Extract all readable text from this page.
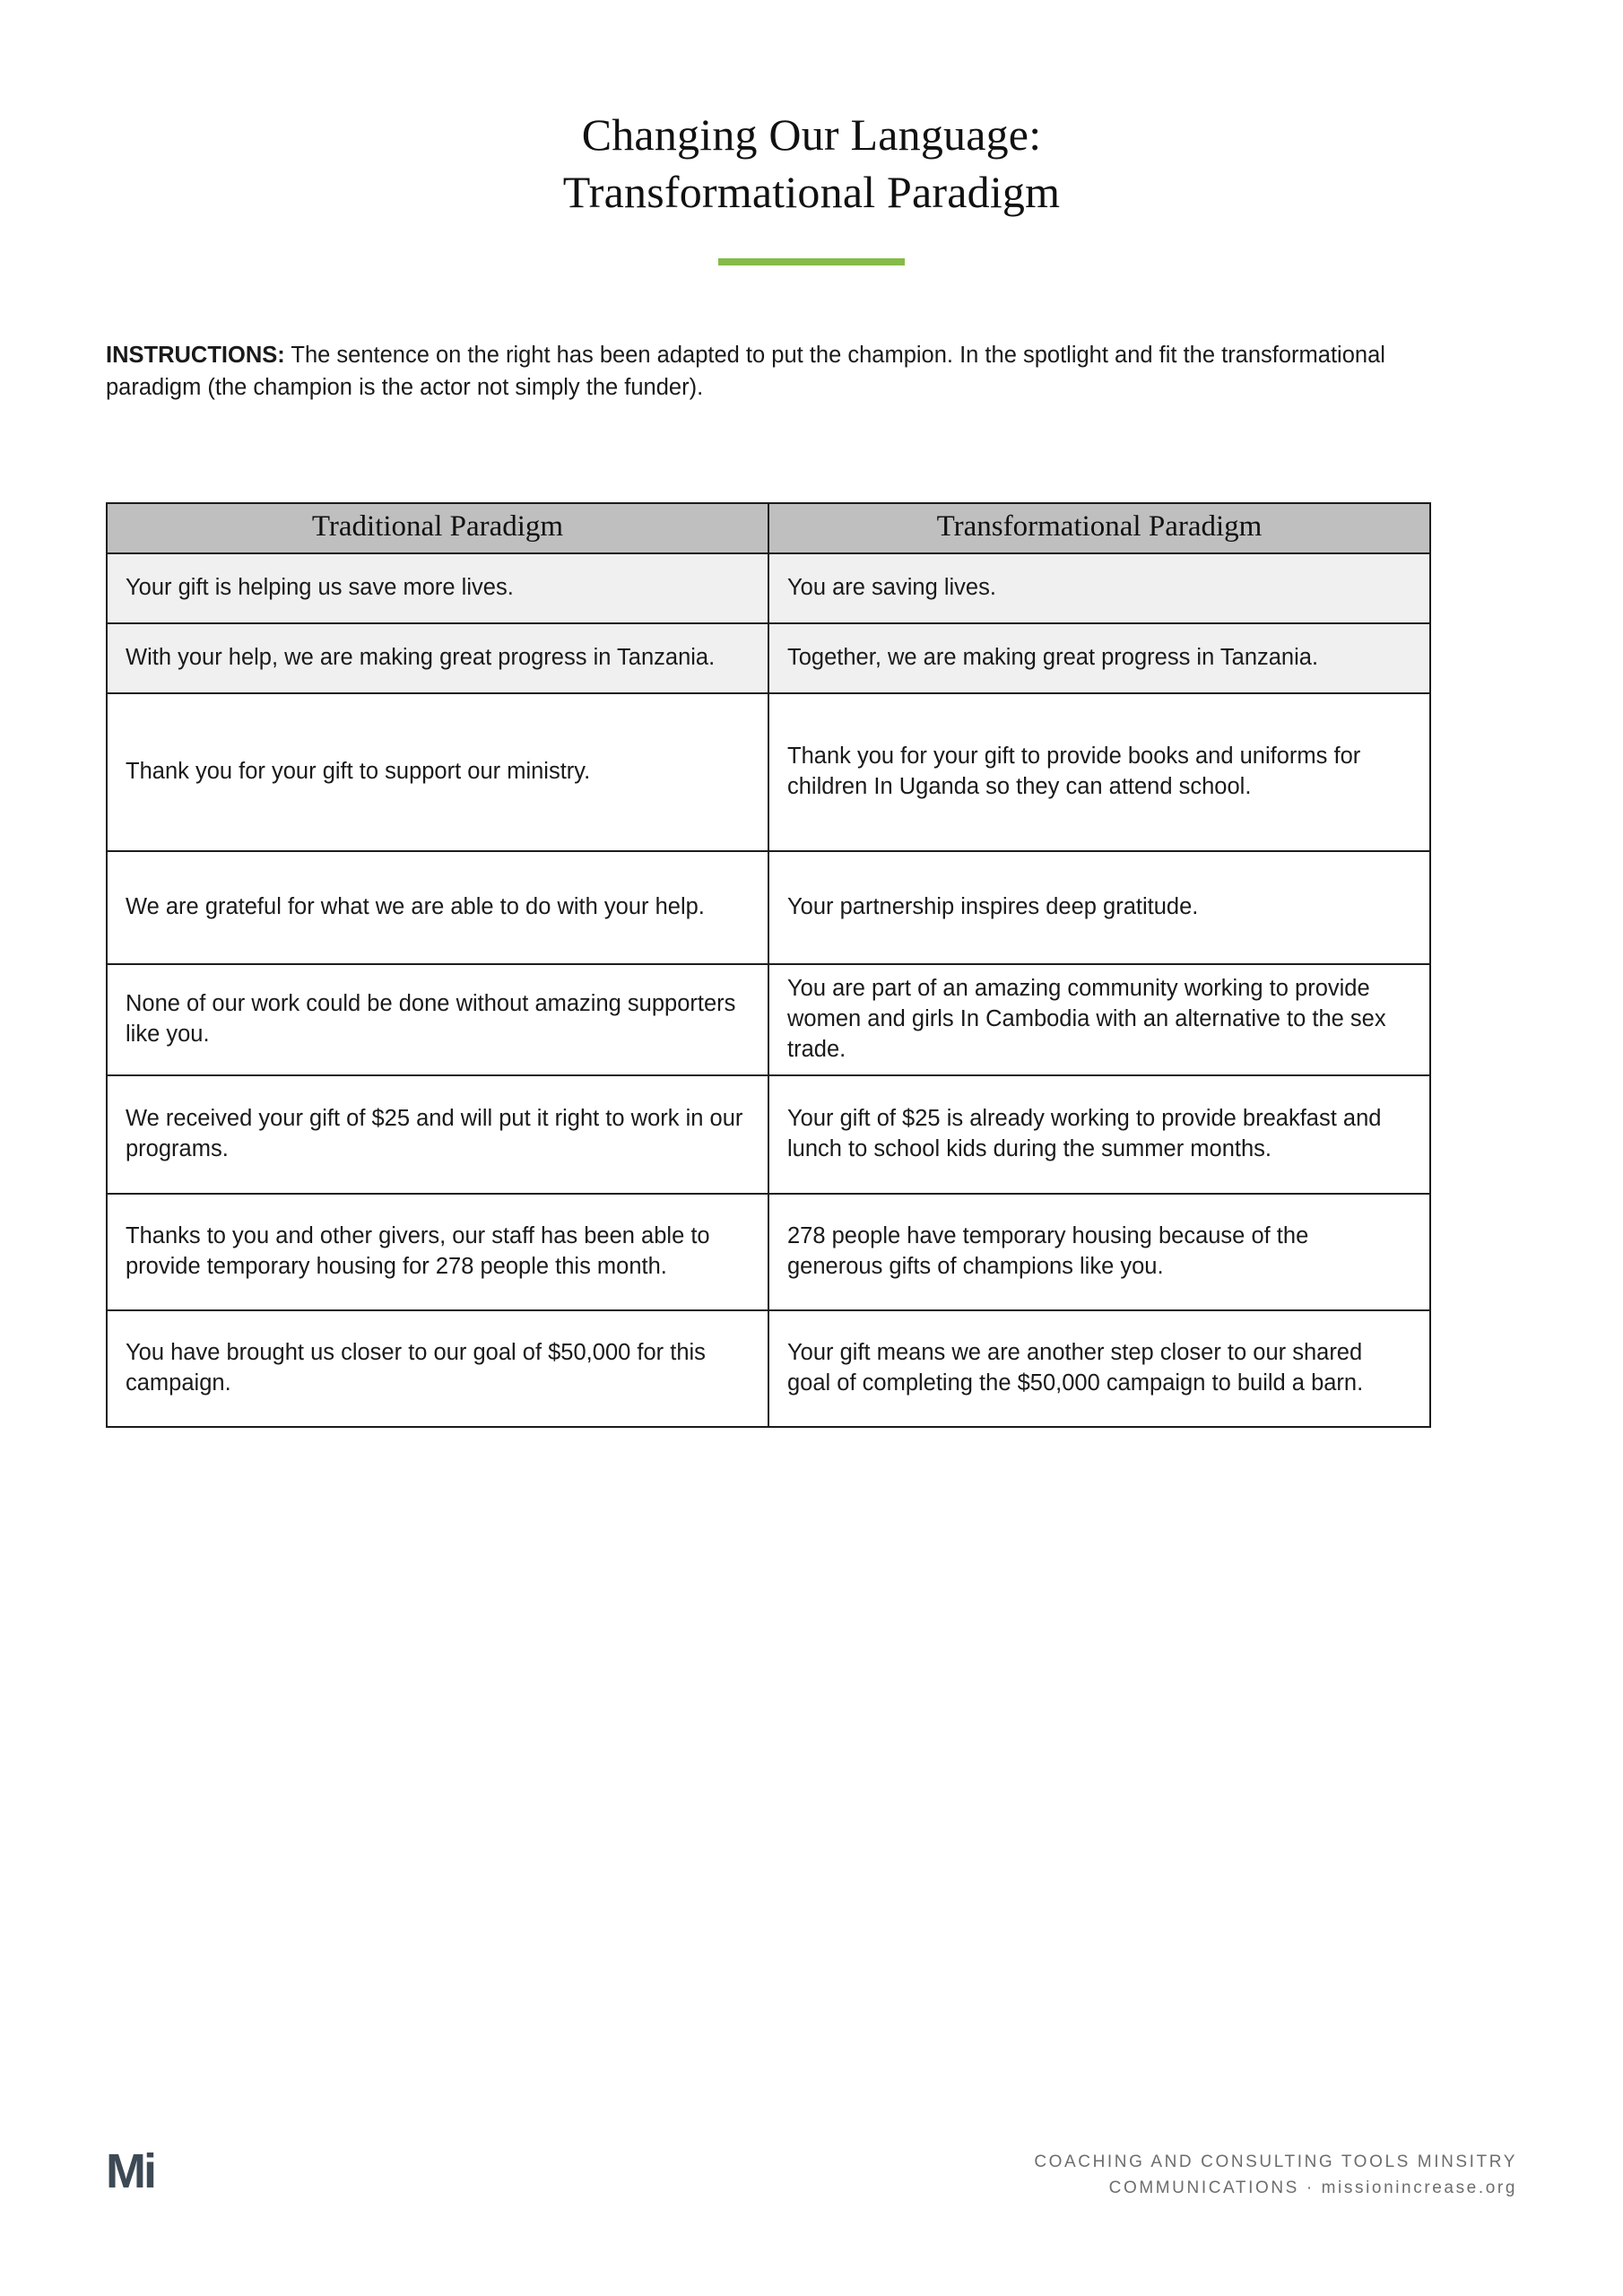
Changing Our Language:
Transformational Paradigm
INSTRUCTIONS: The sentence on the right has been adapted to put the champion. In the spotlight and fit the transformational paradigm (the champion is the actor not simply the funder).
Traditional Paradigm	Transformational Paradigm
Your gift is helping us save more lives.	You are saving lives.
With your help, we are making great progress in Tanzania.	Together, we are making great progress in Tanzania.
Thank you for your gift to support our ministry.	Thank you for your gift to provide books and uniforms for children In Uganda so they can attend school.
We are grateful for what we are able to do with your help.	Your partnership inspires deep gratitude.
None of our work could be done without amazing supporters like you.	You are part of an amazing community working to provide women and girls In Cambodia with an alternative to the sex trade.
We received your gift of $25 and will put it right to work in our programs.	Your gift of $25 is already working to provide breakfast and lunch to school kids during the summer months.
Thanks to you and other givers, our staff has been able to provide temporary housing for 278 people this month.	278 people have temporary housing because of the generous gifts of champions like you.
You have brought us closer to our goal of $50,000 for this campaign.	Your gift means we are another step closer to our shared goal of completing the $50,000 campaign to build a barn.
Mi	COACHING AND CONSULTING TOOLS MINSITRY
COMMUNICATIONS · missionincrease.org
